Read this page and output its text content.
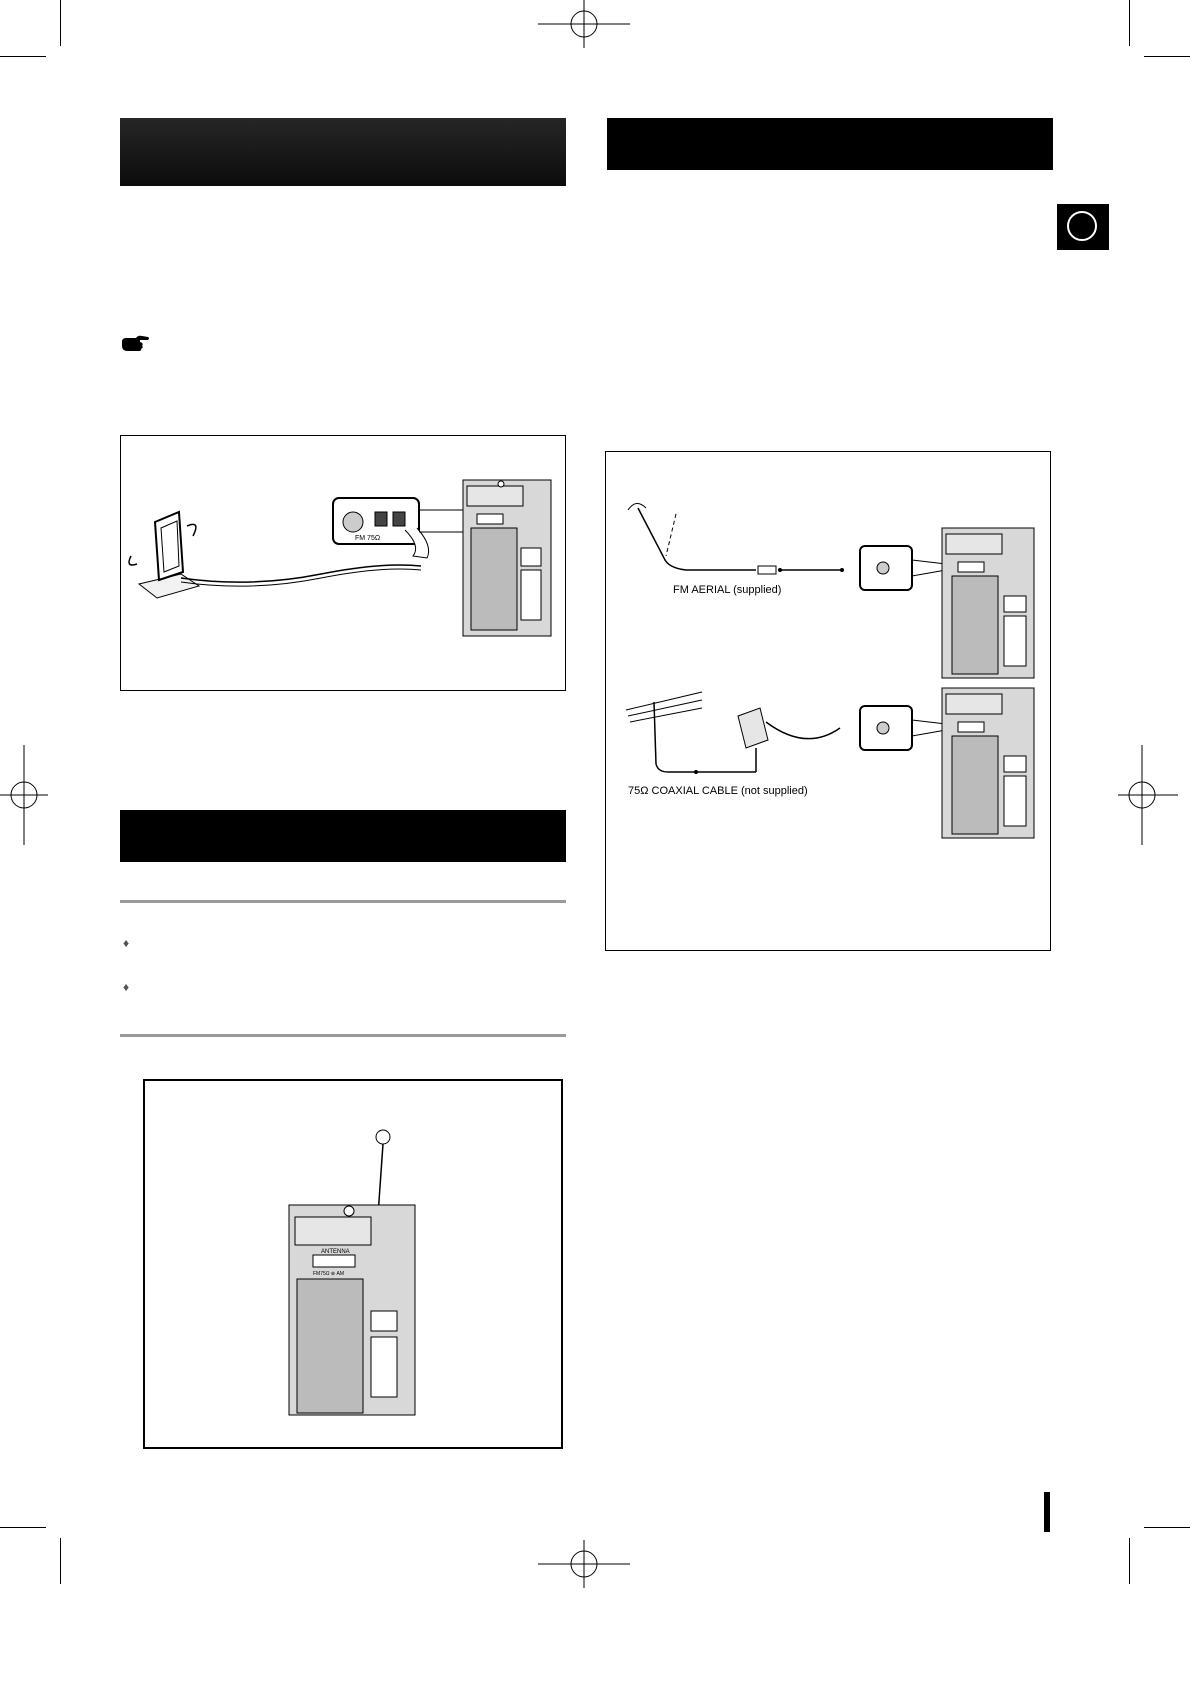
♦
♦
FM 75Ω
FM AERIAL (supplied)
75Ω COAXIAL CABLE (not supplied)
ANTENNA
FM75Ω ⊕ AM
